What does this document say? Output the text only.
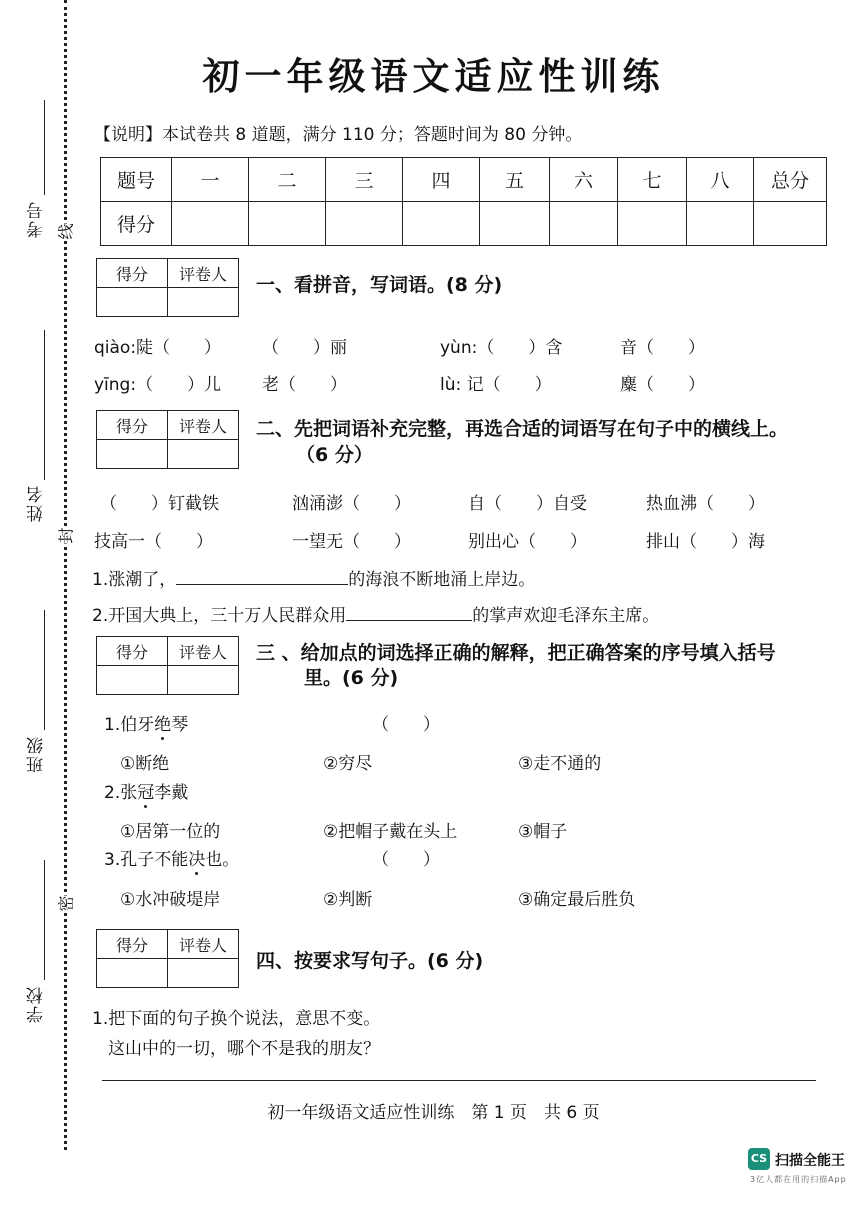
考号
姓名
班级
学校
线
封
密
初一年级语文适应性训练
【说明】本试卷共 8 道题，满分 110 分；答题时间为 80 分钟。
题号	一	二	三	四	五	六	七	八	总分
得分									
得分	评卷人
	一、看拼音，写词语。(8 分)
qiào:陡（　　） （　　）丽	yùn:（　　）含	音（　　）
yīng:（　　）儿 老（　　）	lù: 记（　　）	麋（　　）
得分	评卷人
	二、先把词语补充完整，再选合适的词语写在句子中的横线上。
（6 分）
（　　）钉截铁	汹涌澎（　　）	自（　　）自受	热血沸（　　）
技高一（　　）	一望无（　　）	别出心（　　）	排山（　　）海
1.涨潮了，	的海浪不断地涌上岸边。
2.开国大典上，三十万人民群众用	的掌声欢迎毛泽东主席。
得分	评卷人
	三 、给加点的词选择正确的解释，把正确答案的序号填入括号
里。(6 分)
1.伯牙绝琴	（　　）
①断绝	②穷尽	③走不通的
2.张冠李戴
①居第一位的	②把帽子戴在头上	③帽子
3.孔子不能决也。	（　　）
①水冲破堤岸	②判断	③确定最后胜负
得分	评卷人

四、按要求写句子。(6 分)
1.把下面的句子换个说法，意思不变。
这山中的一切，哪个不是我的朋友？
初一年级语文适应性训练　第 1 页　共 6 页
CS 扫描全能王
3亿人都在用的扫描App
